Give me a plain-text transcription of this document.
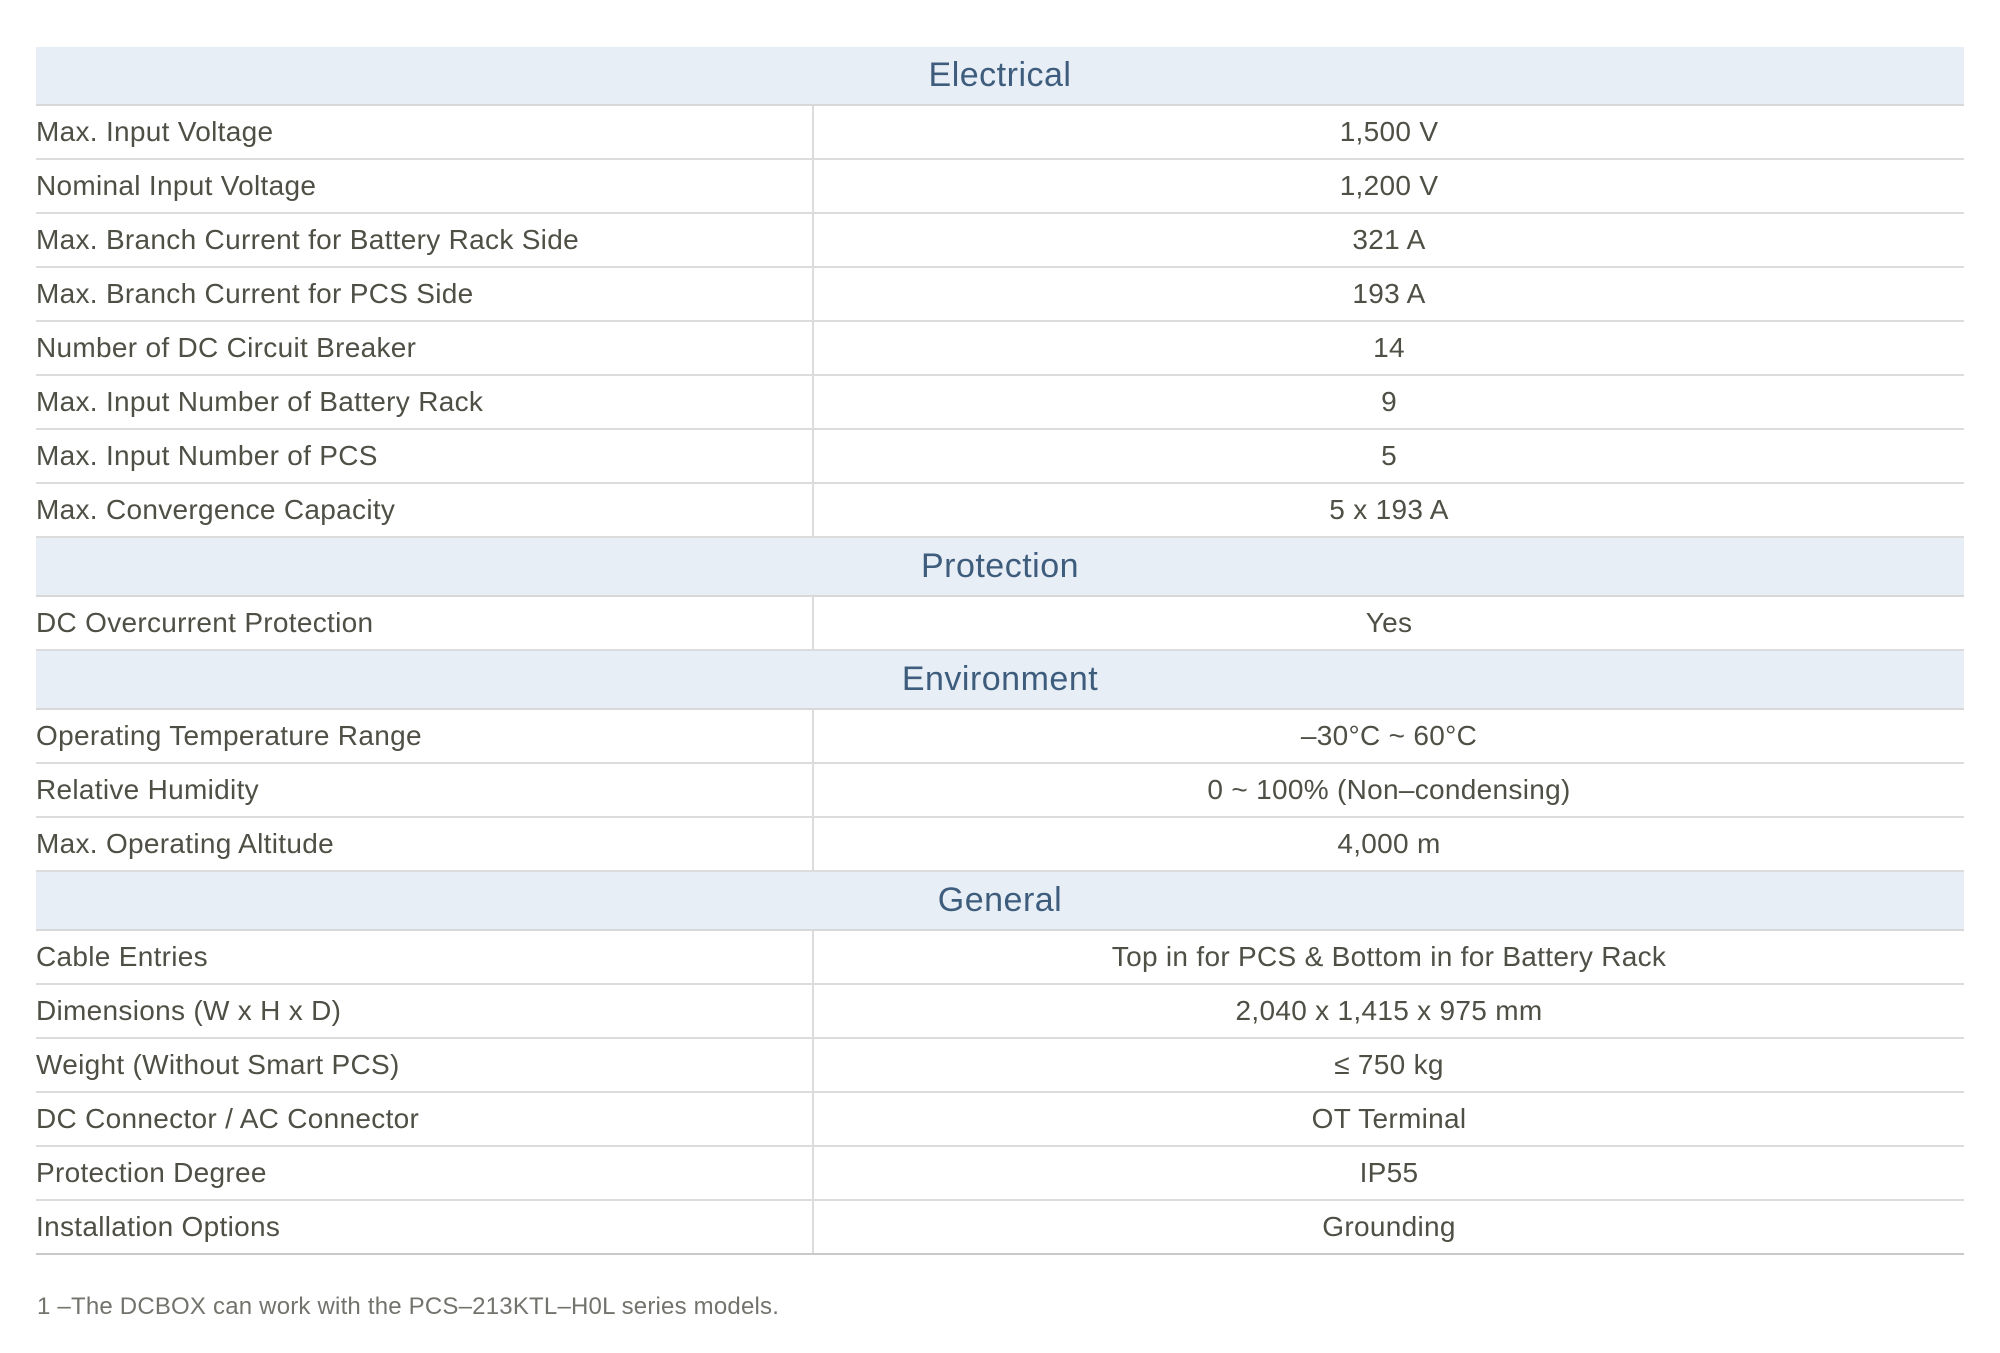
Electrical	
Max. Input Voltage	1,500 V
Nominal Input Voltage	1,200 V
Max. Branch Current for Battery Rack Side	321 A
Max. Branch Current for PCS Side	193 A
Number of DC Circuit Breaker	14
Max. Input Number of Battery Rack	9
Max. Input Number of PCS	5
Max. Convergence Capacity	5 x 193 A
Protection	
DC Overcurrent Protection	Yes
Environment	
Operating Temperature Range	–30°C ~ 60°C
Relative Humidity	0 ~ 100% (Non–condensing)
Max. Operating Altitude	4,000 m
General	
Cable Entries	Top in for PCS & Bottom in for Battery Rack
Dimensions (W x H x D)	2,040 x 1,415 x 975 mm
Weight (Without Smart PCS)	≤ 750 kg
DC Connector / AC Connector	OT Terminal
Protection Degree	IP55
Installation Options	Grounding
1 –The DCBOX can work with the PCS–213KTL–H0L series models.
